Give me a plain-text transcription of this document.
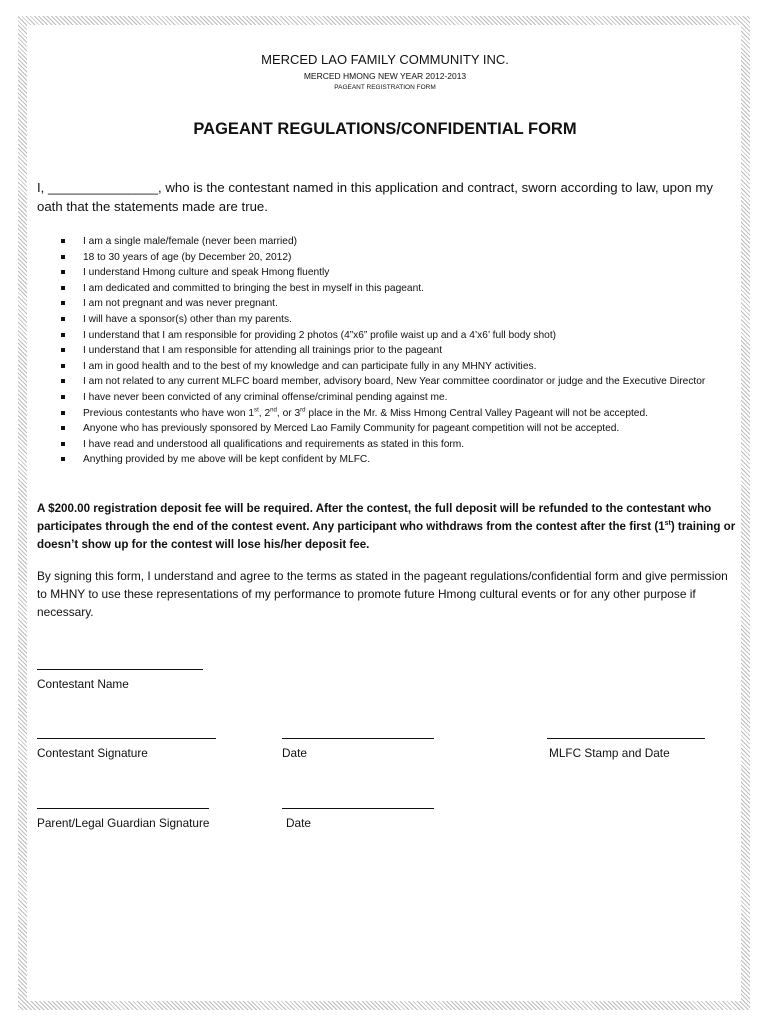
MERCED LAO FAMILY COMMUNITY INC.
MERCED HMONG NEW YEAR 2012-2013
PAGEANT REGISTRATION FORM
PAGEANT REGULATIONS/CONFIDENTIAL FORM
I, _______________, who is the contestant named in this application and contract, sworn according to law, upon my oath that the statements made are true.
I am a single male/female (never been married)
18 to 30 years of age (by December 20, 2012)
I understand Hmong culture and speak Hmong fluently
I am dedicated and committed to bringing the best in myself in this pageant.
I am not pregnant and was never pregnant.
I will have a sponsor(s) other than my parents.
I understand that I am responsible for providing 2 photos (4”x6” profile waist up and a 4’x6’ full body shot)
I understand that I am responsible for attending all trainings prior to the pageant
I am in good health and to the best of my knowledge and can participate fully in any MHNY activities.
I am not related to any current MLFC board member, advisory board, New Year committee coordinator or judge and the Executive Director
I have never been convicted of any criminal offense/criminal pending against me.
Previous contestants who have won 1st, 2nd, or 3rd place in the Mr. & Miss Hmong Central Valley Pageant will not be accepted.
Anyone who has previously sponsored by Merced Lao Family Community for pageant competition will not be accepted.
I have read and understood all qualifications and requirements as stated in this form.
Anything provided by me above will be kept confident by MLFC.
A $200.00 registration deposit fee will be required. After the contest, the full deposit will be refunded to the contestant who participates through the end of the contest event. Any participant who withdraws from the contest after the first (1st) training or doesn’t show up for the contest will lose his/her deposit fee.
By signing this form, I understand and agree to the terms as stated in the pageant regulations/confidential form and give permission to MHNY to use these representations of my performance to promote future Hmong cultural events or for any other purpose if necessary.
Contestant Name
Contestant Signature	Date	MLFC Stamp and Date
Parent/Legal Guardian Signature	Date
